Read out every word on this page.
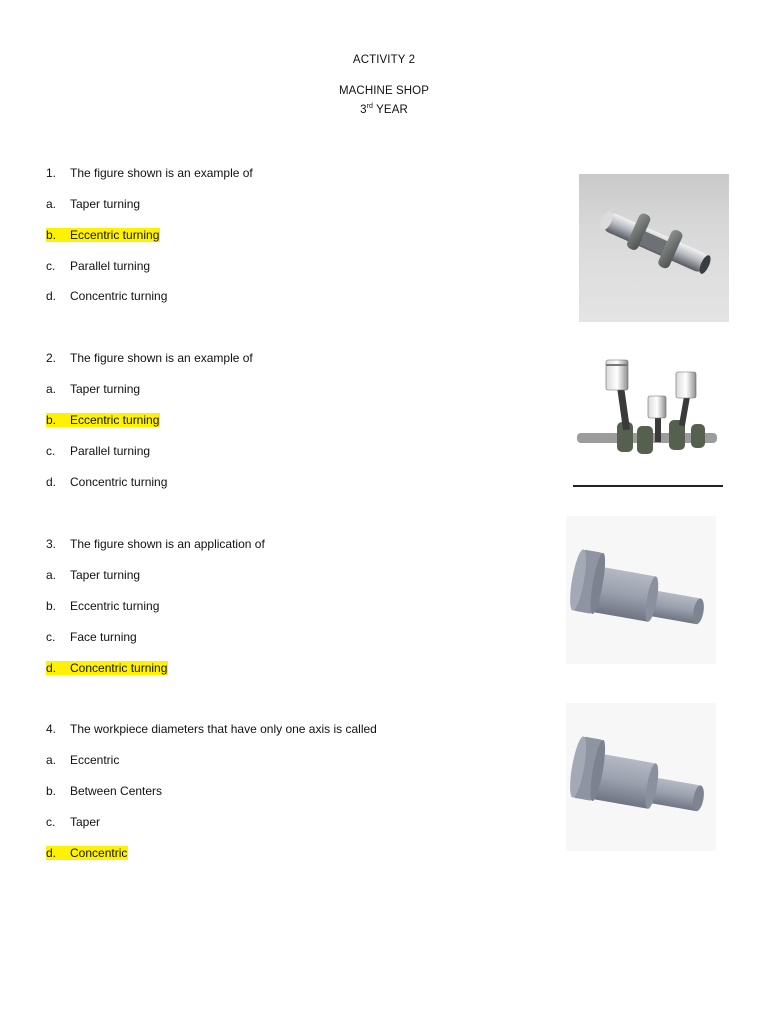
ACTIVITY 2
MACHINE SHOP
3rd YEAR
1. The figure shown is an example of
a. Taper turning
b. Eccentric turning
c. Parallel turning
d. Concentric turning
2. The figure shown is an example of
a. Taper turning
b. Eccentric turning
c. Parallel turning
d. Concentric turning
3. The figure shown is an application of
a. Taper turning
b. Eccentric turning
c. Face turning
d. Concentric turning
4. The workpiece diameters that have only one axis is called
a. Eccentric
b. Between Centers
c. Taper
d. Concentric
